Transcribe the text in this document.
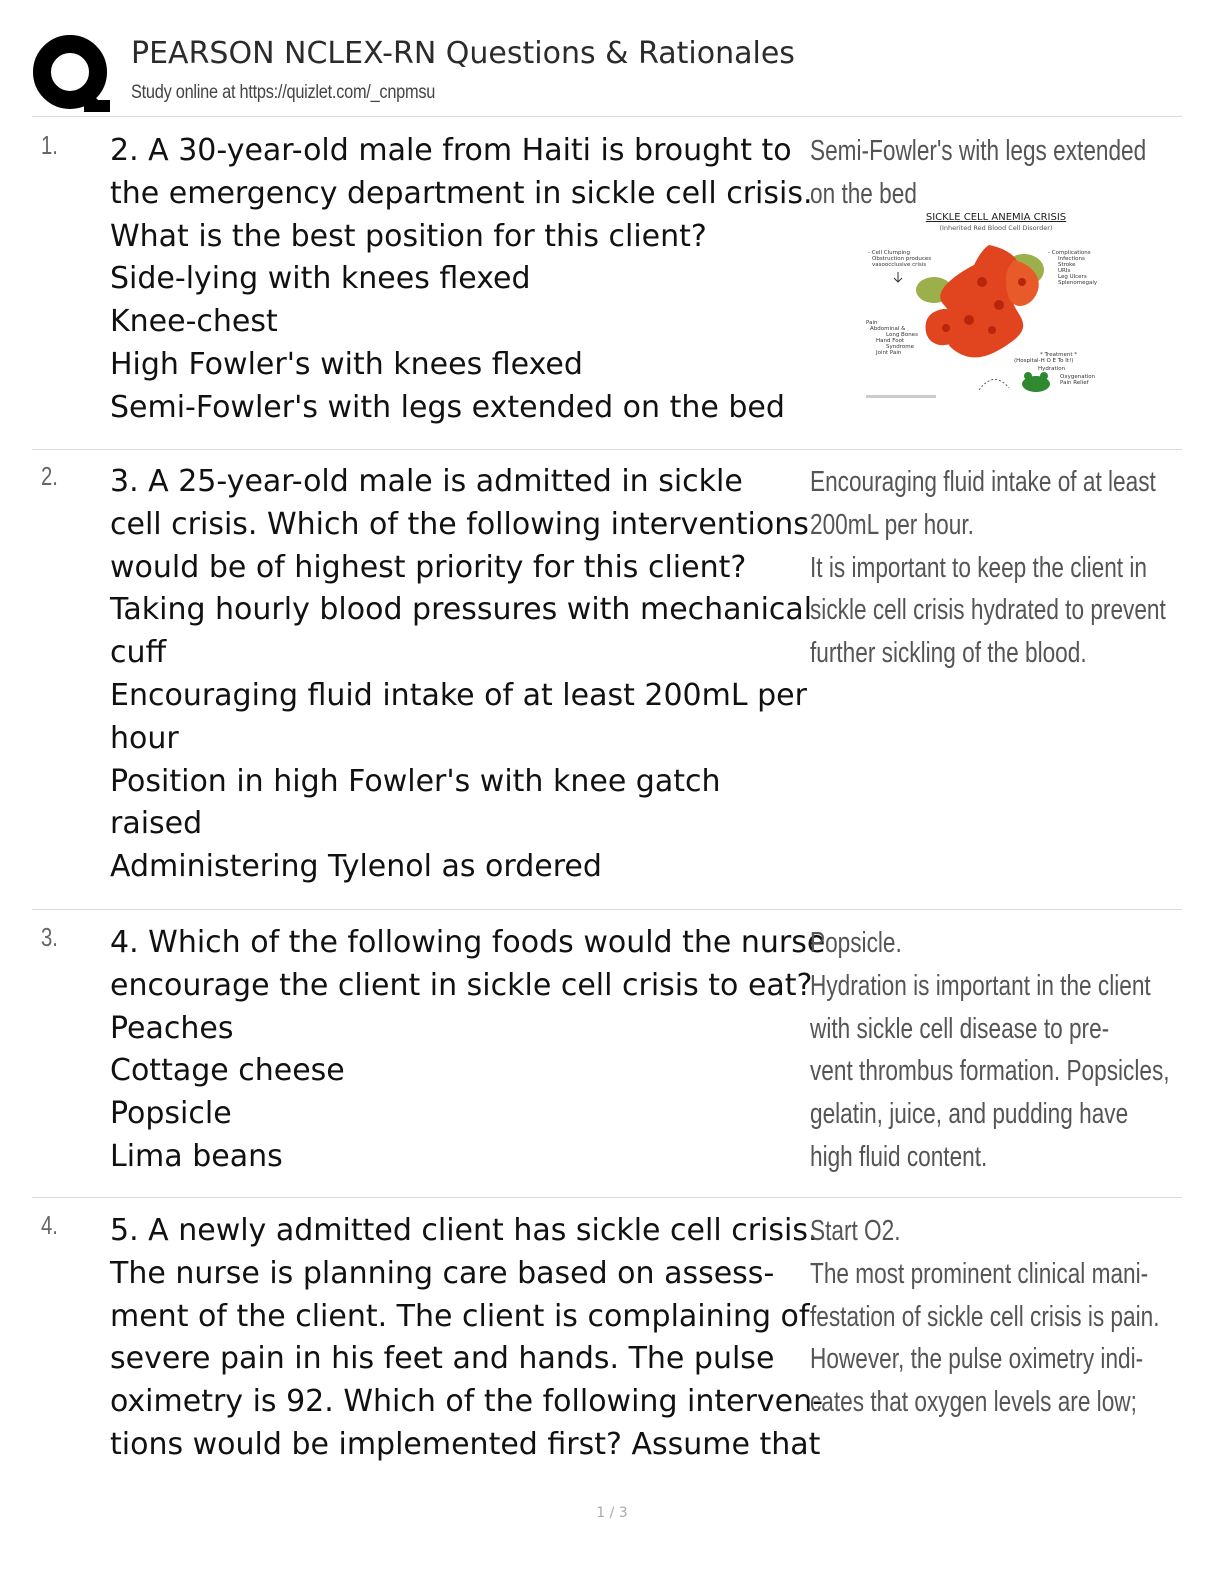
PEARSON NCLEX-RN Questions & Rationales
Study online at https://quizlet.com/_cnpmsu
1. 2. A 30-year-old male from Haiti is brought to
the emergency department in sickle cell crisis.
What is the best position for this client?
Side-lying with knees flexed
Knee-chest
High Fowler's with knees flexed
Semi-Fowler's with legs extended on the bed
Semi-Fowler's with legs extended
on the bed
SICKLE CELL ANEMIA CRISIS
(Inherited Red Blood Cell Disorder)
- Cell Clumping
Obstruction produces
vasoocclusive crisis
Pain
Abdominal &
Long Bones
Hand Foot
Syndrome
Joint Pain
- Complications
Infections
Stroke
URIs
Leg Ulcers
Splenomegaly
* Treatment *
(Hospital-H O E To It!)
Hydration
Oxygenation
Pain Relief
2. 3. A 25-year-old male is admitted in sickle
cell crisis. Which of the following interventions
would be of highest priority for this client?
Taking hourly blood pressures with mechanical
cuff
Encouraging fluid intake of at least 200mL per
hour
Position in high Fowler's with knee gatch
raised
Administering Tylenol as ordered
Encouraging fluid intake of at least
200mL per hour.
It is important to keep the client in
sickle cell crisis hydrated to prevent
further sickling of the blood.
3. 4. Which of the following foods would the nurse
encourage the client in sickle cell crisis to eat?
Peaches
Cottage cheese
Popsicle
Lima beans
Popsicle.
Hydration is important in the client
with sickle cell disease to pre-
vent thrombus formation. Popsicles,
gelatin, juice, and pudding have
high fluid content.
4. 5. A newly admitted client has sickle cell crisis.
The nurse is planning care based on assess-
ment of the client. The client is complaining of
severe pain in his feet and hands. The pulse
oximetry is 92. Which of the following interven-
tions would be implemented first? Assume that
Start O2.
The most prominent clinical mani-
festation of sickle cell crisis is pain.
However, the pulse oximetry indi-
cates that oxygen levels are low;
1 / 3
